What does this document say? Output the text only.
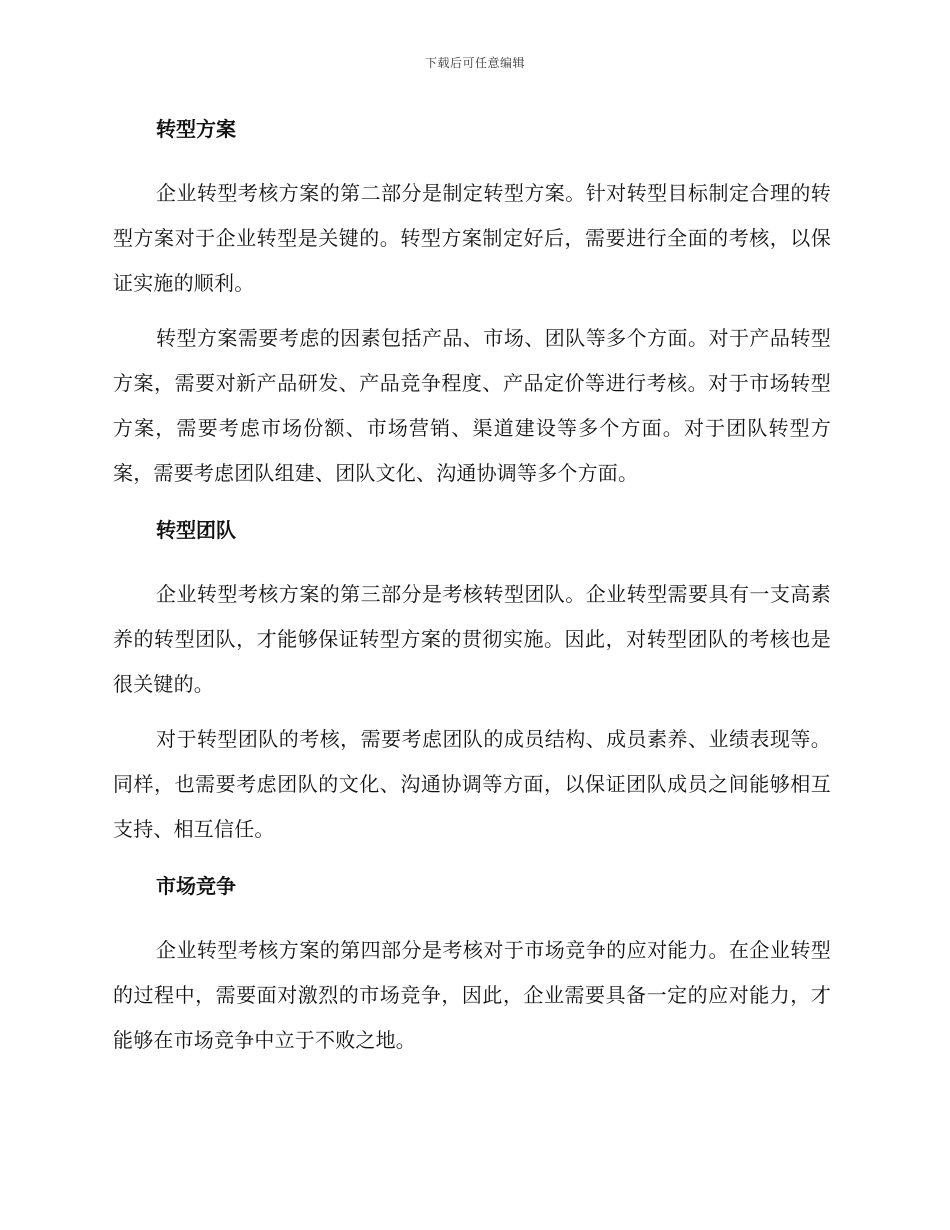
下载后可任意编辑
转型方案

企业转型考核方案的第二部分是制定转型方案。针对转型目标制定合理的转型方案对于企业转型是关键的。转型方案制定好后，需要进行全面的考核，以保证实施的顺利。

转型方案需要考虑的因素包括产品、市场、团队等多个方面。对于产品转型方案，需要对新产品研发、产品竞争程度、产品定价等进行考核。对于市场转型方案，需要考虑市场份额、市场营销、渠道建设等多个方面。对于团队转型方案，需要考虑团队组建、团队文化、沟通协调等多个方面。

转型团队

企业转型考核方案的第三部分是考核转型团队。企业转型需要具有一支高素养的转型团队，才能够保证转型方案的贯彻实施。因此，对转型团队的考核也是很关键的。

对于转型团队的考核，需要考虑团队的成员结构、成员素养、业绩表现等。同样，也需要考虑团队的文化、沟通协调等方面，以保证团队成员之间能够相互支持、相互信任。

市场竞争

企业转型考核方案的第四部分是考核对于市场竞争的应对能力。在企业转型的过程中，需要面对激烈的市场竞争，因此，企业需要具备一定的应对能力，才能够在市场竞争中立于不败之地。
